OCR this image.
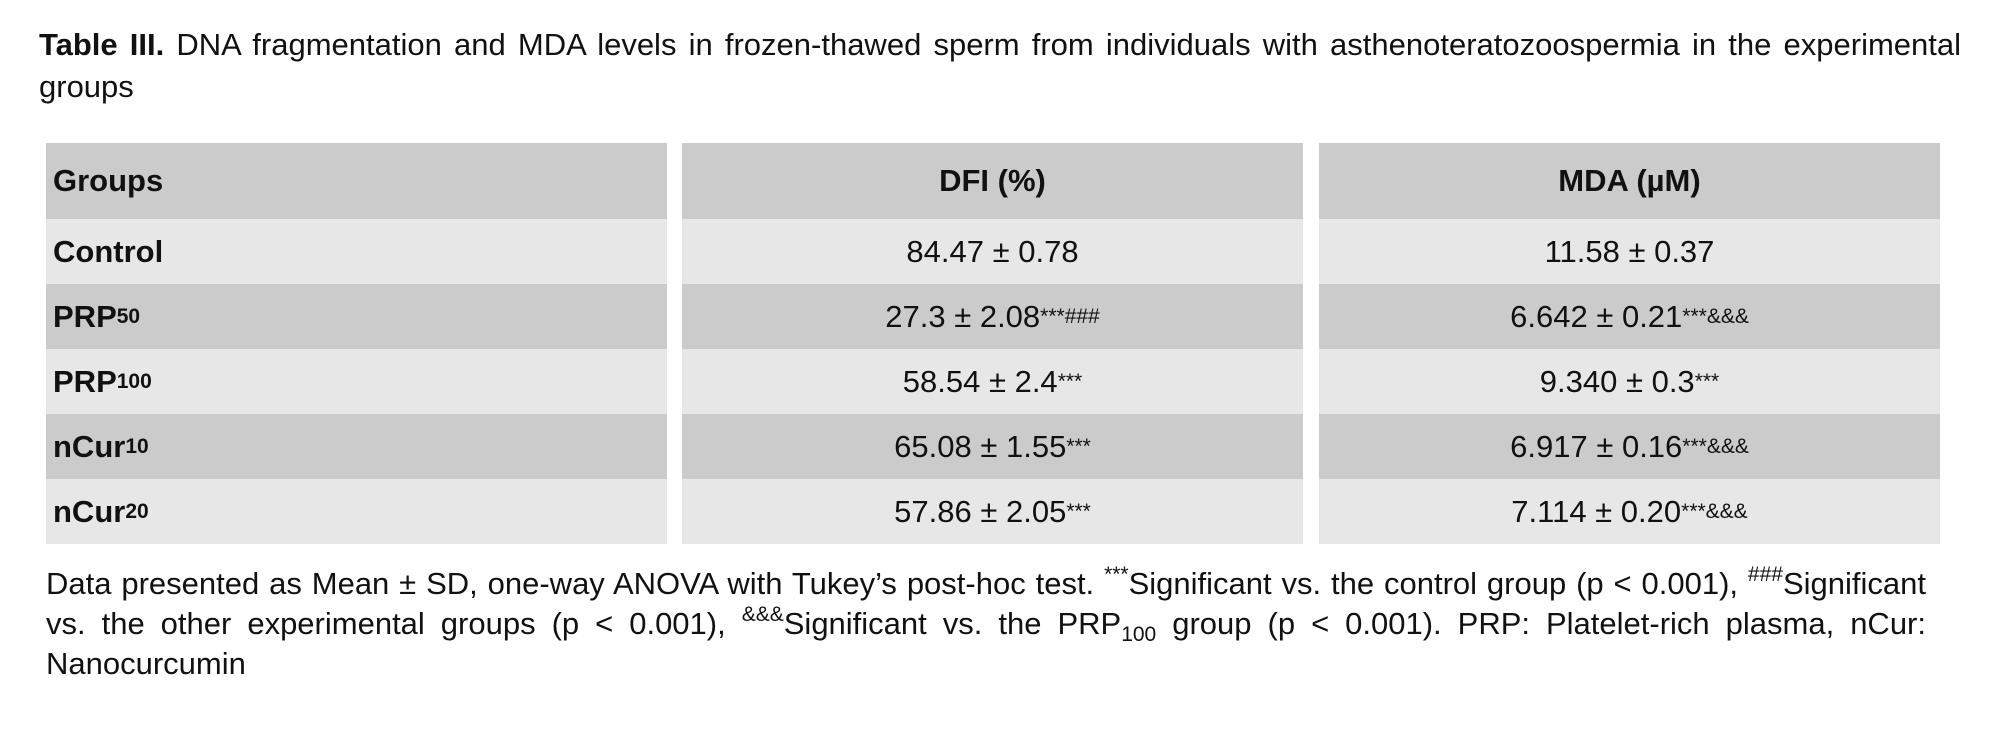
Table III. DNA fragmentation and MDA levels in frozen-thawed sperm from individuals with asthenoteratozoospermia in the experimental groups
Groups	DFI (%)	MDA (µM)
Control	84.47 ± 0.78	11.58 ± 0.37
PRP 50	27.3 ± 2.08 ***###	6.642 ± 0.21 ***&&&
PRP 100	58.54 ± 2.4 ***	9.340 ± 0.3 ***
nCur 10	65.08 ± 1.55 ***	6.917 ± 0.16 ***&&&
nCur 20	57.86 ± 2.05 ***	7.114 ± 0.20 ***&&&
Data presented as Mean ± SD, one-way ANOVA with Tukey’s post-hoc test. ***Significant vs. the control group (p < 0.001), ###Significant vs. the other experimental groups (p < 0.001), &&&Significant vs. the $PRP_{100}$ group (p < 0.001). PRP: Platelet-rich plasma, nCur: Nanocurcumin
